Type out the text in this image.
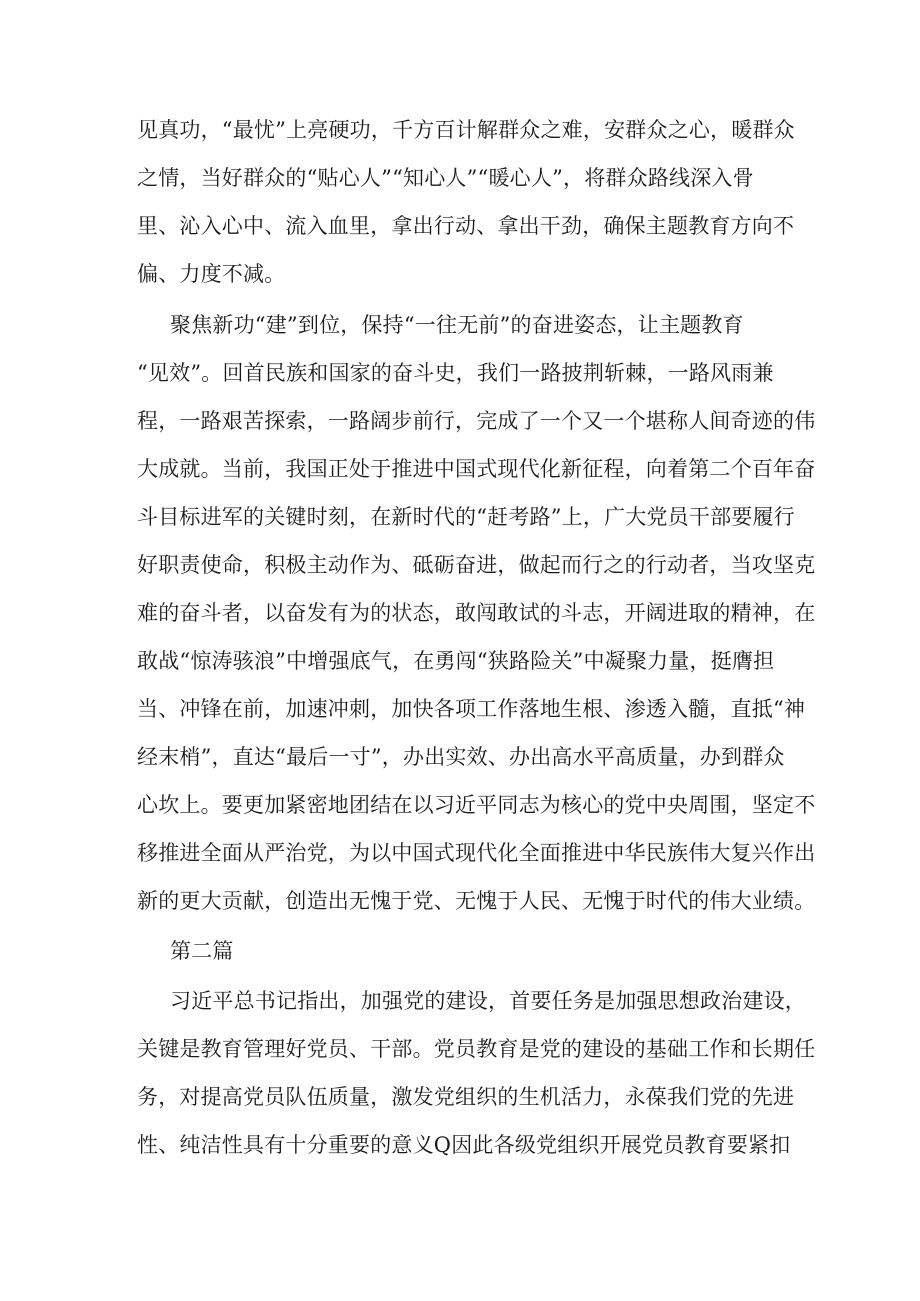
见真功，“最忧”上亮硬功，千方百计解群众之难，安群众之心，暖群众
之情，当好群众的“贴心人”“知心人”“暖心人”，将群众路线深入骨
里、沁入心中、流入血里，拿出行动、拿出干劲，确保主题教育方向不
偏、力度不减。
聚焦新功“建”到位，保持“一往无前”的奋进姿态，让主题教育
“见效”。回首民族和国家的奋斗史，我们一路披荆斩棘，一路风雨兼
程，一路艰苦探索，一路阔步前行，完成了一个又一个堪称人间奇迹的伟
大成就。当前，我国正处于推进中国式现代化新征程，向着第二个百年奋
斗目标进军的关键时刻，在新时代的“赶考路”上，广大党员干部要履行
好职责使命，积极主动作为、砥砺奋进，做起而行之的行动者，当攻坚克
难的奋斗者，以奋发有为的状态，敢闯敢试的斗志，开阔进取的精神，在
敢战“惊涛骇浪”中增强底气，在勇闯“狭路险关”中凝聚力量，挺膺担
当、冲锋在前，加速冲刺，加快各项工作落地生根、渗透入髓，直抵“神
经末梢”，直达“最后一寸”，办出实效、办出高水平高质量，办到群众
心坎上。要更加紧密地团结在以习近平同志为核心的党中央周围，坚定不
移推进全面从严治党，为以中国式现代化全面推进中华民族伟大复兴作出
新的更大贡献，创造出无愧于党、无愧于人民、无愧于时代的伟大业绩。
第二篇
习近平总书记指出，加强党的建设，首要任务是加强思想政治建设，
关键是教育管理好党员、干部。党员教育是党的建设的基础工作和长期任
务，对提高党员队伍质量，激发党组织的生机活力，永葆我们党的先进
性、纯洁性具有十分重要的意义Q因此各级党组织开展党员教育要紧扣
